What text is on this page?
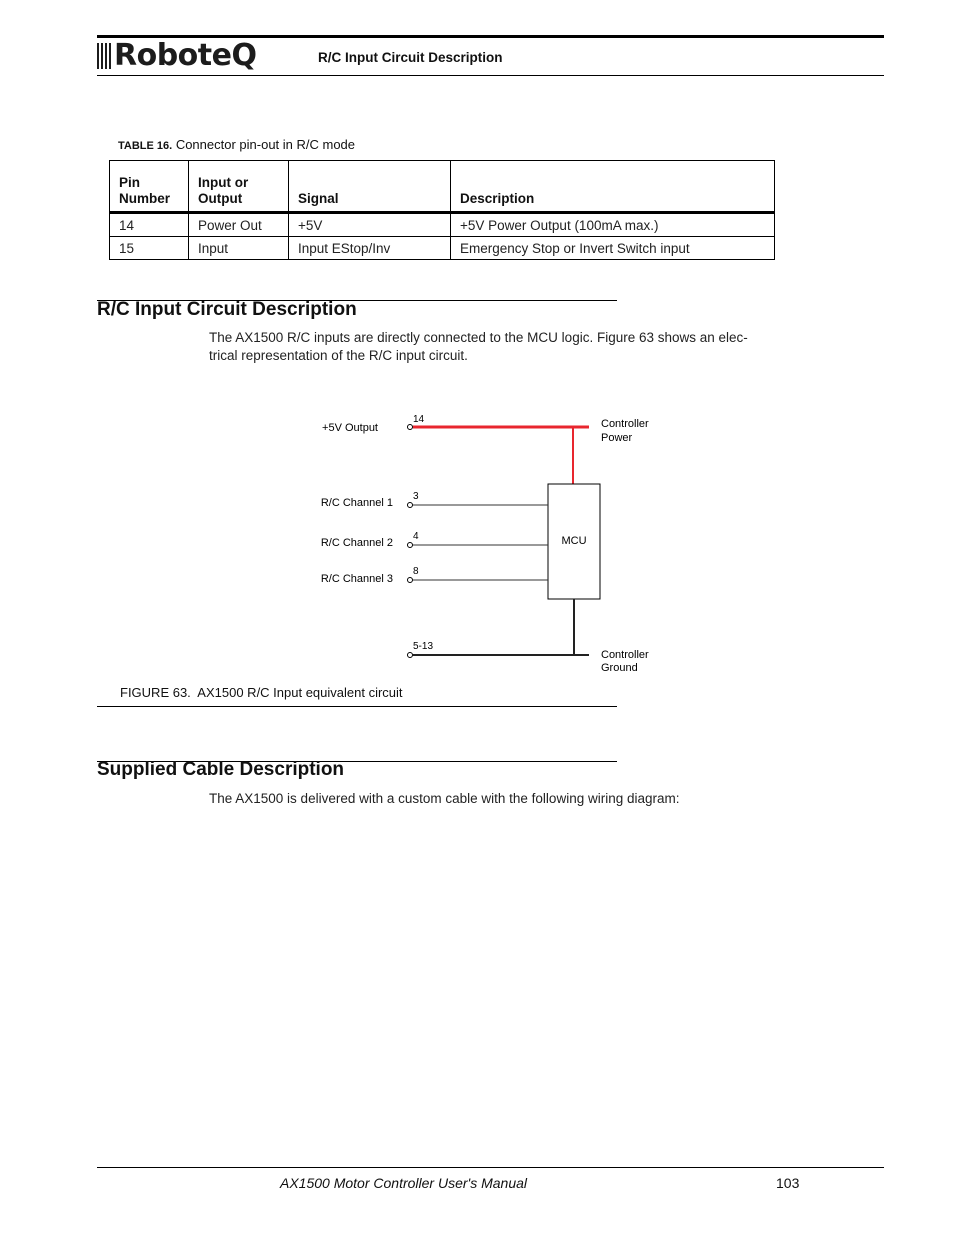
RoboteQ	R/C Input Circuit Description
TABLE 16. Connector pin-out in R/C mode
Pin Number	Input or Output	Signal	Description
14	Power Out	+5V	+5V Power Output (100mA max.)
15	Input	Input EStop/Inv	Emergency Stop or Invert Switch input
R/C Input Circuit Description
The AX1500 R/C inputs are directly connected to the MCU logic. Figure 63 shows an elec-trical representation of the R/C input circuit.
MCU
+5V Output
R/C Channel 1
R/C Channel 2
R/C Channel 3
14
3
4
8
5-13
Controller
Power
Controller
Ground
FIGURE 63.  AX1500 R/C Input equivalent circuit
Supplied Cable Description
The AX1500 is delivered with a custom cable with the following wiring diagram:
AX1500 Motor Controller User's Manual	103
